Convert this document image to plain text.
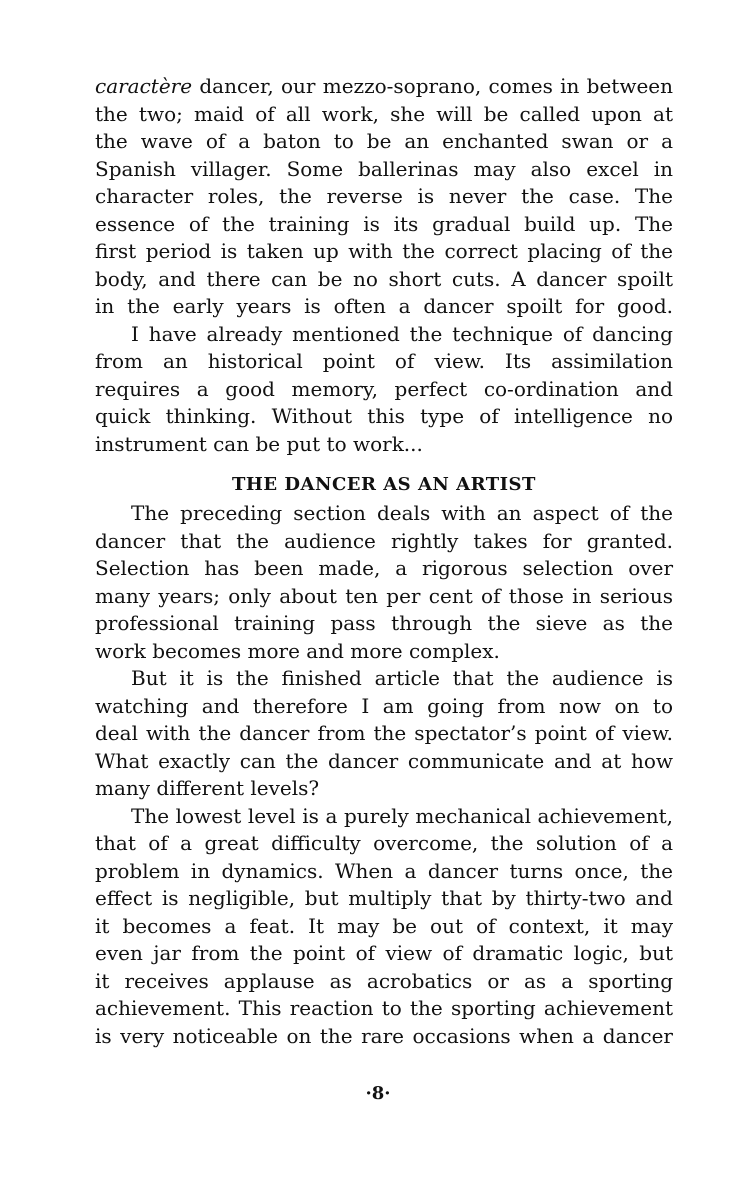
caractère dancer, our mezzo-soprano, comes in between
the two; maid of all work, she will be called upon at
the wave of a baton to be an enchanted swan or a
Spanish villager. Some ballerinas may also excel in
character roles, the reverse is never the case. The
essence of the training is its gradual build up. The
first period is taken up with the correct placing of the
body, and there can be no short cuts. A dancer spoilt
in the early years is often a dancer spoilt for good.
I have already mentioned the technique of dancing
from an historical point of view. Its assimilation
requires a good memory, perfect co-ordination and
quick thinking. Without this type of intelligence no
instrument can be put to work...
THE DANCER AS AN ARTIST
The preceding section deals with an aspect of the
dancer that the audience rightly takes for granted.
Selection has been made, a rigorous selection over
many years; only about ten per cent of those in serious
professional training pass through the sieve as the
work becomes more and more complex.
But it is the finished article that the audience is
watching and therefore I am going from now on to
deal with the dancer from the spectator’s point of view.
What exactly can the dancer communicate and at how
many different levels?
The lowest level is a purely mechanical achievement,
that of a great difficulty overcome, the solution of a
problem in dynamics. When a dancer turns once, the
effect is negligible, but multiply that by thirty-two and
it becomes a feat. It may be out of context, it may
even jar from the point of view of dramatic logic, but
it receives applause as acrobatics or as a sporting
achievement. This reaction to the sporting achievement
is very noticeable on the rare occasions when a dancer
·8·
